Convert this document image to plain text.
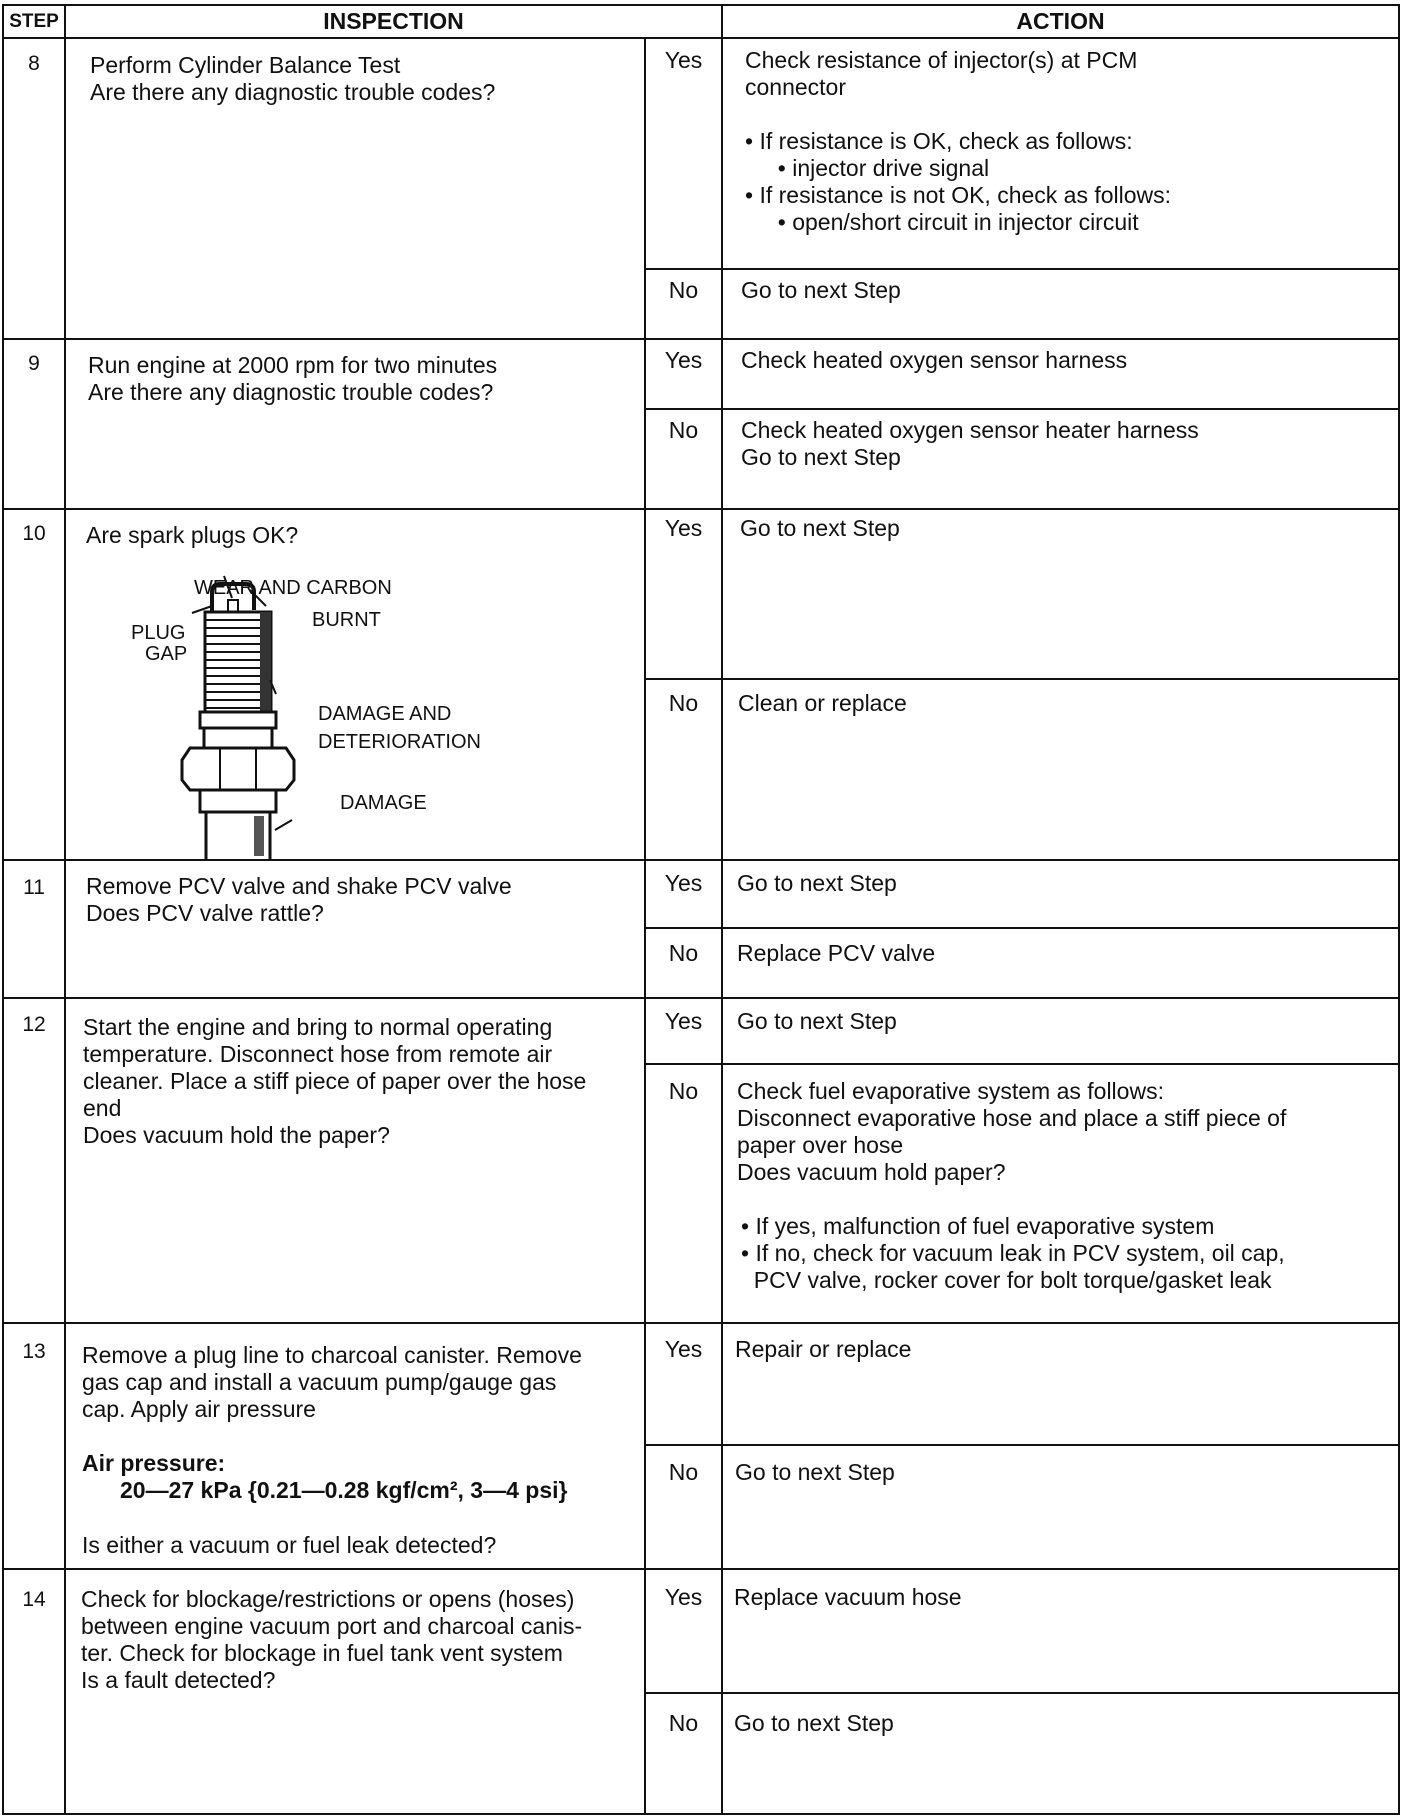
STEP	INSPECTION	ACTION
8	Perform Cylinder Balance Test
Are there any diagnostic trouble codes?
Yes	Check resistance of injector(s) at PCM
connector
• If resistance is OK, check as follows:
• injector drive signal
• If resistance is not OK, check as follows:
• open/short circuit in injector circuit
No	Go to next Step
9	Run engine at 2000 rpm for two minutes
Are there any diagnostic trouble codes?
Yes	Check heated oxygen sensor harness
No	Check heated oxygen sensor heater harness
Go to next Step
10	Are spark plugs OK?	Yes	Go to next Step
No	Clean or replace
WEAR AND CARBON
BURNT
PLUG
GAP
DAMAGE AND
DETERIORATION
DAMAGE
11	Remove PCV valve and shake PCV valve
Does PCV valve rattle?
Yes	Go to next Step
No	Replace PCV valve
12	Start the engine and bring to normal operating
temperature. Disconnect hose from remote air
cleaner. Place a stiff piece of paper over the hose
end
Does vacuum hold the paper?
Yes	Go to next Step
No	Check fuel evaporative system as follows:
Disconnect evaporative hose and place a stiff piece of
paper over hose
Does vacuum hold paper?
• If yes, malfunction of fuel evaporative system
• If no, check for vacuum leak in PCV system, oil cap,
PCV valve, rocker cover for bolt torque/gasket leak
13	Remove a plug line to charcoal canister. Remove
gas cap and install a vacuum pump/gauge gas
cap. Apply air pressure
Air pressure:
20—27 kPa {0.21—0.28 kgf/cm², 3—4 psi}
Is either a vacuum or fuel leak detected?
Yes	Repair or replace
No	Go to next Step
14	Check for blockage/restrictions or opens (hoses)
between engine vacuum port and charcoal canis-
ter. Check for blockage in fuel tank vent system
Is a fault detected?
Yes	Replace vacuum hose
No	Go to next Step
